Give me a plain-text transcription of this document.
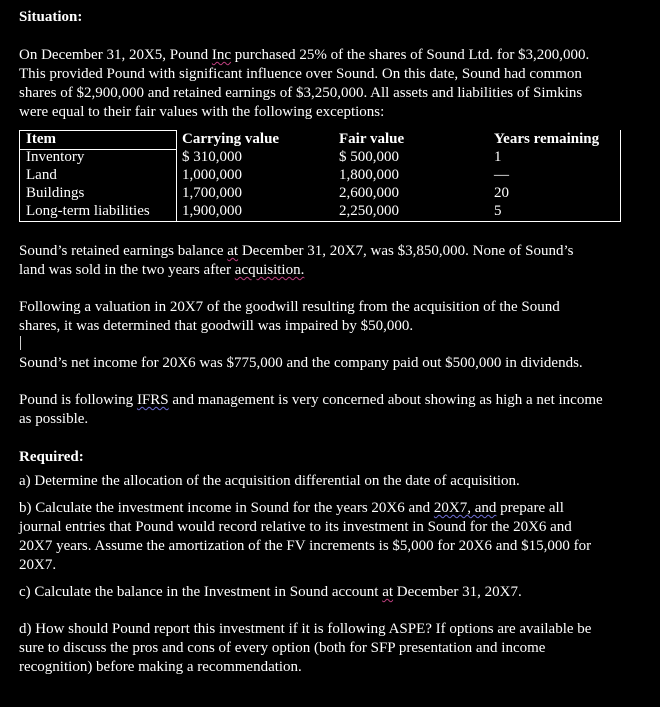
Situation:

On December 31, 20X5, Pound Inc purchased 25% of the shares of Sound Ltd. for $3,200,000.

This provided Pound with significant influence over Sound. On this date, Sound had common

shares of $2,900,000 and retained earnings of $3,250,000. All assets and liabilities of Simkins

were equal to their fair values with the following exceptions:

Item	Carrying value	Fair value	Years remaining
Inventory	$ 310,000	$ 500,000	1
Land	1,000,000	1,800,000	—
Buildings	1,700,000	2,600,000	20
Long-term liabilities 1,900,000	2,250,000	5

Sound’s retained earnings balance at December 31, 20X7, was $3,850,000. None of Sound’s

land was sold in the two years after acquisition.

Following a valuation in 20X7 of the goodwill resulting from the acquisition of the Sound

shares, it was determined that goodwill was impaired by $50,000.

Sound’s net income for 20X6 was $775,000 and the company paid out $500,000 in dividends.

Pound is following IFRS and management is very concerned about showing as high a net income

as possible.

Required:

a) Determine the allocation of the acquisition differential on the date of acquisition.

b) Calculate the investment income in Sound for the years 20X6 and 20X7, and prepare all

journal entries that Pound would record relative to its investment in Sound for the 20X6 and

20X7 years. Assume the amortization of the FV increments is $5,000 for 20X6 and $15,000 for

20X7.

c) Calculate the balance in the Investment in Sound account at December 31, 20X7.

d) How should Pound report this investment if it is following ASPE? If options are available be

sure to discuss the pros and cons of every option (both for SFP presentation and income

recognition) before making a recommendation.
